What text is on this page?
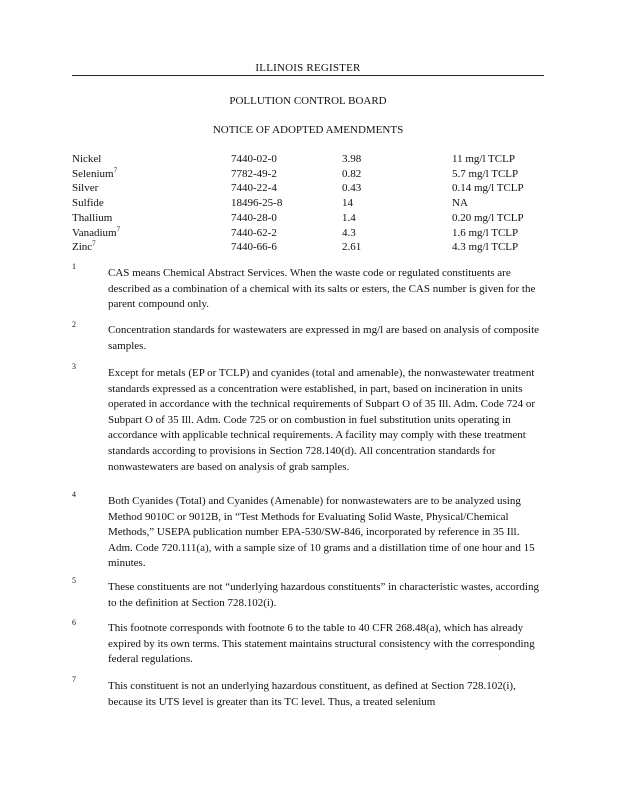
ILLINOIS REGISTER
POLLUTION CONTROL BOARD
NOTICE OF ADOPTED AMENDMENTS
Nickel	7440-02-0	3.98	11 mg/l TCLP
Selenium$^7$	7782-49-2	0.82	5.7 mg/l TCLP
Silver	7440-22-4	0.43	0.14 mg/l TCLP
Sulfide	18496-25-8	14	NA
Thallium	7440-28-0	1.4	0.20 mg/l TCLP
Vanadium$^7$	7440-62-2	4.3	1.6 mg/l TCLP
Zinc$^7$	7440-66-6	2.61	4.3 mg/l TCLP
1
CAS means Chemical Abstract Services. When the waste code or regulated constituents are described as a combination of a chemical with its salts or esters, the CAS number is given for the parent compound only.
2	Concentration standards for wastewaters are expressed in mg/l are based on analysis of composite samples.
3
Except for metals (EP or TCLP) and cyanides (total and amenable), the nonwastewater treatment standards expressed as a concentration were established, in part, based on incineration in units operated in accordance with the technical requirements of Subpart O of 35 Ill. Adm. Code 724 or Subpart O of 35 Ill. Adm. Code 725 or on combustion in fuel substitution units operating in accordance with applicable technical requirements. A facility may comply with these treatment standards according to provisions in Section 728.140(d). All concentration standards for nonwastewaters are based on analysis of grab samples.
4
Both Cyanides (Total) and Cyanides (Amenable) for nonwastewaters are to be analyzed using Method 9010C or 9012B, in “Test Methods for Evaluating Solid Waste, Physical/Chemical Methods,” USEPA publication number EPA-530/SW-846, incorporated by reference in 35 Ill. Adm. Code 720.111(a), with a sample size of 10 grams and a distillation time of one hour and 15 minutes.
5
These constituents are not “underlying hazardous constituents” in characteristic wastes, according to the definition at Section 728.102(i).
6	This footnote corresponds with footnote 6 to the table to 40 CFR 268.48(a), which has already expired by its own terms. This statement maintains structural consistency with the corresponding federal regulations.
7
This constituent is not an underlying hazardous constituent, as defined at Section 728.102(i), because its UTS level is greater than its TC level. Thus, a treated selenium
